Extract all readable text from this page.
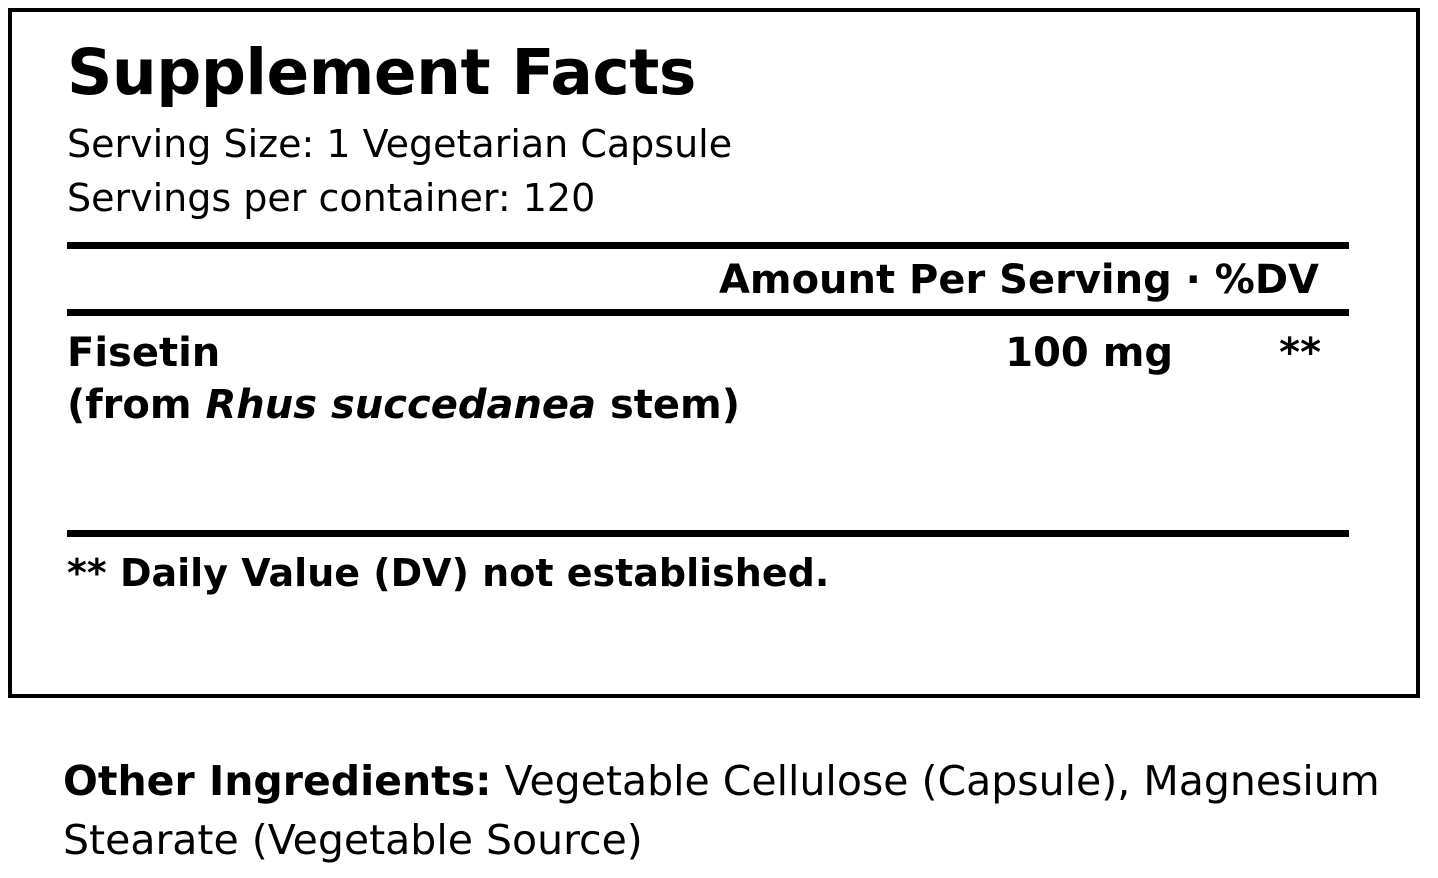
Supplement Facts
Serving Size: 1 Vegetarian Capsule
Servings per container: 120
Amount Per Serving · %DV
Fisetin	100 mg	**
(from Rhus succedanea stem)
** Daily Value (DV) not established.
Other Ingredients: Vegetable Cellulose (Capsule), Magnesium Stearate (Vegetable Source)
